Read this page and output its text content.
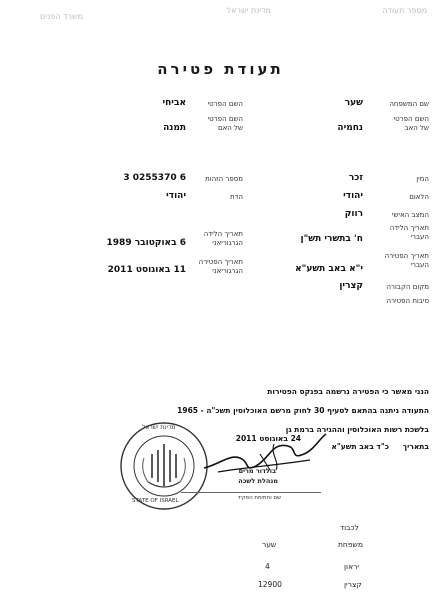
מספר תעודה
מדינת ישראל
משרד הפנים
תעודת פטירה
שם המשפחה
השם הפרטי של האב
המין
הלאום
המצב האישי
תאריך הלידה העברי
תאריך הפטירה העברי
מקום הקבורה
סיבות הפטירה
שער
נחמיה
זכר
יהודי
רווק
ח' בתשרי תש"ן
י"א באב תשע"א
קצרין
השם הפרטי
השם הפרטי של האם
מספר הזהות
הדת
תאריך הלידה הגרגוריאני
תאריך הפטירה הגרגוריאני
אביחי
תמנה
3 0255370 6
יהודי
6 באוקטובר 1989
11 באוגוסט 2011
הנני מאשר כי הפטירה נרשמה בפנקס הפטירות
התעודה ניתנה בהתאם לסעיף 30 לחוק מרשם האוכלוסין תשכ"ה - 1965
בלשכת רשות האוכלוסין וההגירה ברמת גן
בתאריך
כ"ד באב תשע"א
24 באוגוסט 2011
מדינת ישראל
STATE OF ISRAEL
בולדור מרים
מנהלת לשכה
שם וחתימת הפקיד
לכבוד
משפחת
שער
יראון
4
קצרין
12900
